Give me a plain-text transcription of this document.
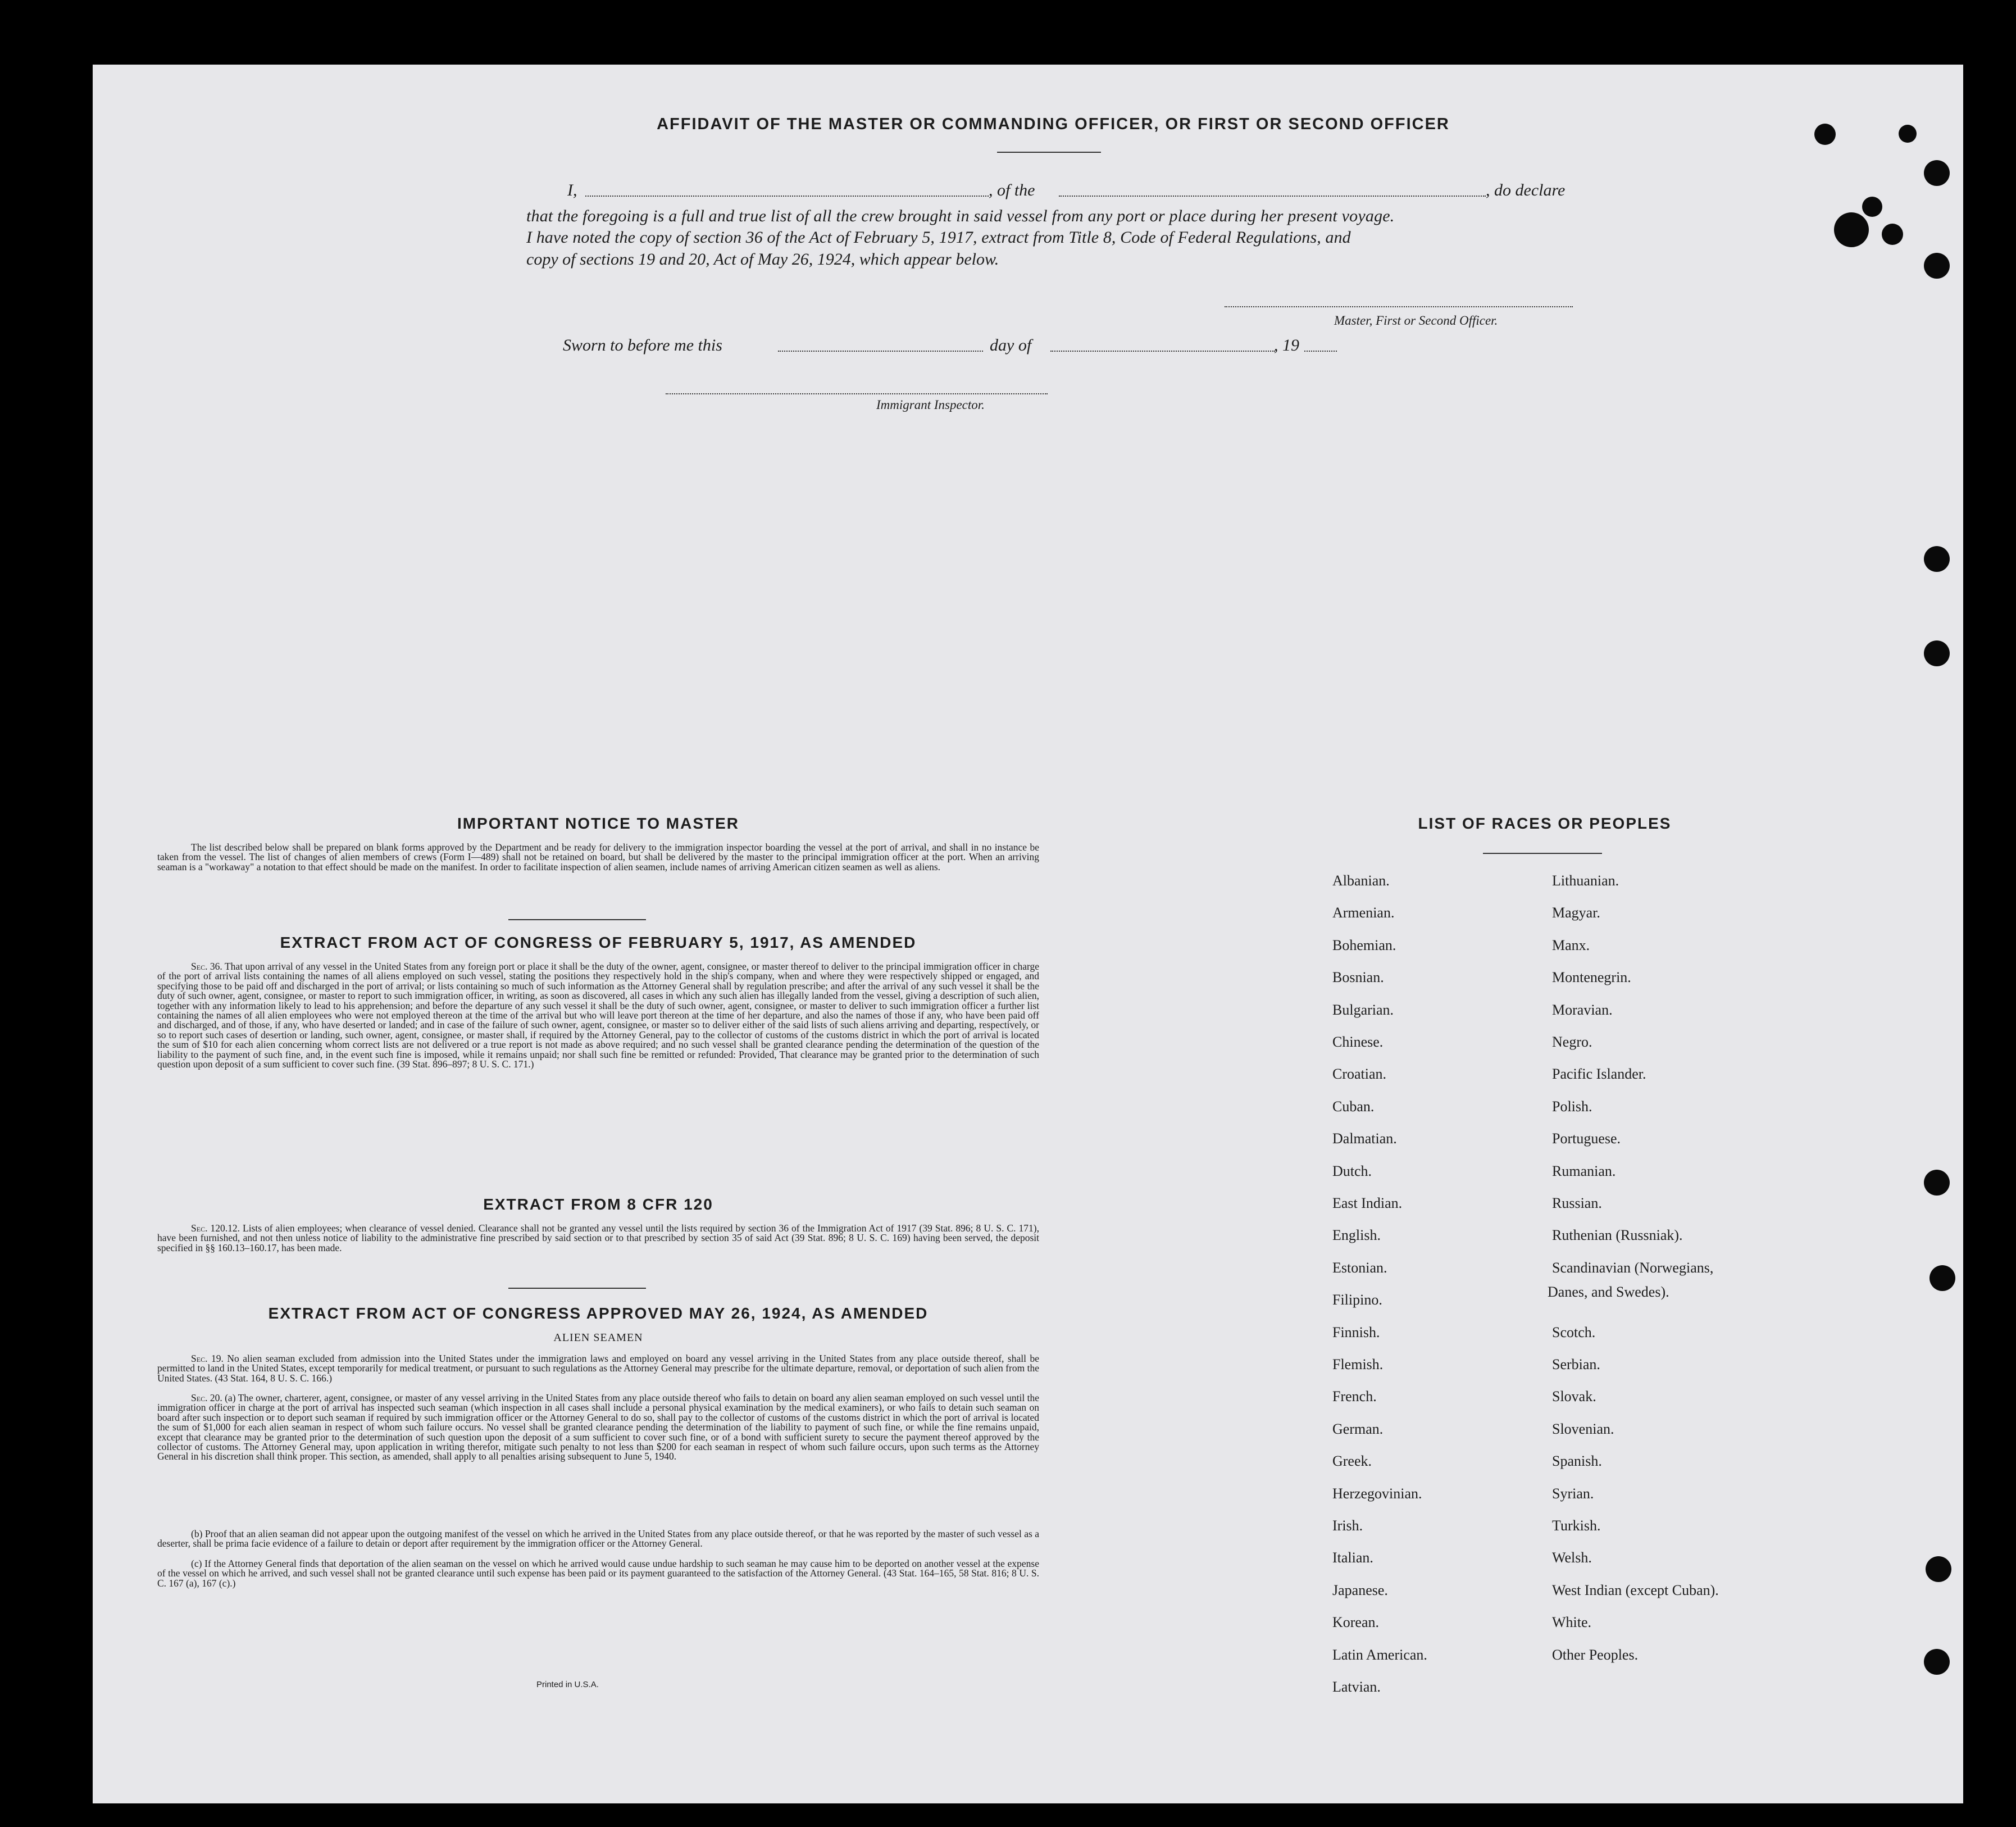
AFFIDAVIT OF THE MASTER OR COMMANDING OFFICER, OR FIRST OR SECOND OFFICER
I,	, of the	, do declare
that the foregoing is a full and true list of all the crew brought in said vessel from any port or place during her present voyage.
I have noted the copy of section 36 of the Act of February 5, 1917, extract from Title 8, Code of Federal Regulations, and
copy of sections 19 and 20, Act of May 26, 1924, which appear below.
Master, First or Second Officer.
Sworn to before me this	day of	, 19
Immigrant Inspector.
IMPORTANT NOTICE TO MASTER
The list described below shall be prepared on blank forms approved by the Department and be ready for delivery to the immigration inspector boarding the vessel at the port of arrival, and shall in no instance be taken from the vessel. The list of changes of alien members of crews (Form I—489) shall not be retained on board, but shall be delivered by the master to the principal immigration officer at the port. When an arriving seaman is a "workaway" a notation to that effect should be made on the manifest. In order to facilitate inspection of alien seamen, include names of arriving American citizen seamen as well as aliens.
EXTRACT FROM ACT OF CONGRESS OF FEBRUARY 5, 1917, AS AMENDED
Sec. 36. That upon arrival of any vessel in the United States from any foreign port or place it shall be the duty of the owner, agent, consignee, or master thereof to deliver to the principal immigration officer in charge of the port of arrival lists containing the names of all aliens employed on such vessel, stating the positions they respectively hold in the ship's company, when and where they were respectively shipped or engaged, and specifying those to be paid off and discharged in the port of arrival; or lists containing so much of such information as the Attorney General shall by regulation prescribe; and after the arrival of any such vessel it shall be the duty of such owner, agent, consignee, or master to report to such immigration officer, in writing, as soon as discovered, all cases in which any such alien has illegally landed from the vessel, giving a description of such alien, together with any information likely to lead to his apprehension; and before the departure of any such vessel it shall be the duty of such owner, agent, consignee, or master to deliver to such immigration officer a further list containing the names of all alien employees who were not employed thereon at the time of the arrival but who will leave port thereon at the time of her departure, and also the names of those if any, who have been paid off and discharged, and of those, if any, who have deserted or landed; and in case of the failure of such owner, agent, consignee, or master so to deliver either of the said lists of such aliens arriving and departing, respectively, or so to report such cases of desertion or landing, such owner, agent, consignee, or master shall, if required by the Attorney General, pay to the collector of customs of the customs district in which the port of arrival is located the sum of $10 for each alien concerning whom correct lists are not delivered or a true report is not made as above required; and no such vessel shall be granted clearance pending the determination of the question of the liability to the payment of such fine, and, in the event such fine is imposed, while it remains unpaid; nor shall such fine be remitted or refunded: Provided, That clearance may be granted prior to the determination of such question upon deposit of a sum sufficient to cover such fine. (39 Stat. 896–897; 8 U. S. C. 171.)
EXTRACT FROM 8 CFR 120
Sec. 120.12. Lists of alien employees; when clearance of vessel denied. Clearance shall not be granted any vessel until the lists required by section 36 of the Immigration Act of 1917 (39 Stat. 896; 8 U. S. C. 171), have been furnished, and not then unless notice of liability to the administrative fine prescribed by said section or to that prescribed by section 35 of said Act (39 Stat. 896; 8 U. S. C. 169) having been served, the deposit specified in §§ 160.13–160.17, has been made.
EXTRACT FROM ACT OF CONGRESS APPROVED MAY 26, 1924, AS AMENDED
ALIEN SEAMEN
Sec. 19. No alien seaman excluded from admission into the United States under the immigration laws and employed on board any vessel arriving in the United States from any place outside thereof, shall be permitted to land in the United States, except temporarily for medical treatment, or pursuant to such regulations as the Attorney General may prescribe for the ultimate departure, removal, or deportation of such alien from the United States. (43 Stat. 164, 8 U. S. C. 166.)
Sec. 20. (a) The owner, charterer, agent, consignee, or master of any vessel arriving in the United States from any place outside thereof who fails to detain on board any alien seaman employed on such vessel until the immigration officer in charge at the port of arrival has inspected such seaman (which inspection in all cases shall include a personal physical examination by the medical examiners), or who fails to detain such seaman on board after such inspection or to deport such seaman if required by such immigration officer or the Attorney General to do so, shall pay to the collector of customs of the customs district in which the port of arrival is located the sum of $1,000 for each alien seaman in respect of whom such failure occurs. No vessel shall be granted clearance pending the determination of the liability to payment of such fine, or while the fine remains unpaid, except that clearance may be granted prior to the determination of such question upon the deposit of a sum sufficient to cover such fine, or of a bond with sufficient surety to secure the payment thereof approved by the collector of customs. The Attorney General may, upon application in writing therefor, mitigate such penalty to not less than $200 for each seaman in respect of whom such failure occurs, upon such terms as the Attorney General in his discretion shall think proper. This section, as amended, shall apply to all penalties arising subsequent to June 5, 1940.
(b) Proof that an alien seaman did not appear upon the outgoing manifest of the vessel on which he arrived in the United States from any place outside thereof, or that he was reported by the master of such vessel as a deserter, shall be prima facie evidence of a failure to detain or deport after requirement by the immigration officer or the Attorney General.
(c) If the Attorney General finds that deportation of the alien seaman on the vessel on which he arrived would cause undue hardship to such seaman he may cause him to be deported on another vessel at the expense of the vessel on which he arrived, and such vessel shall not be granted clearance until such expense has been paid or its payment guaranteed to the satisfaction of the Attorney General. (43 Stat. 164–165, 58 Stat. 816; 8 U. S. C. 167 (a), 167 (c).)
Printed in U.S.A.
LIST OF RACES OR PEOPLES
Albanian.
Armenian.
Bohemian.
Bosnian.
Bulgarian.
Chinese.
Croatian.
Cuban.
Dalmatian.
Dutch.
East Indian.
English.
Estonian.
Filipino.
Finnish.
Flemish.
French.
German.
Greek.
Herzegovinian.
Irish.
Italian.
Japanese.
Korean.
Latin American.
Latvian.
Lithuanian.
Magyar.
Manx.
Montenegrin.
Moravian.
Negro.
Pacific Islander.
Polish.
Portuguese.
Rumanian.
Russian.
Ruthenian (Russniak).
Scandinavian (Norwegians,
Scotch.
Serbian.
Slovak.
Slovenian.
Spanish.
Syrian.
Turkish.
Welsh.
West Indian (except Cuban).
White.
Other Peoples.
Danes, and Swedes).
